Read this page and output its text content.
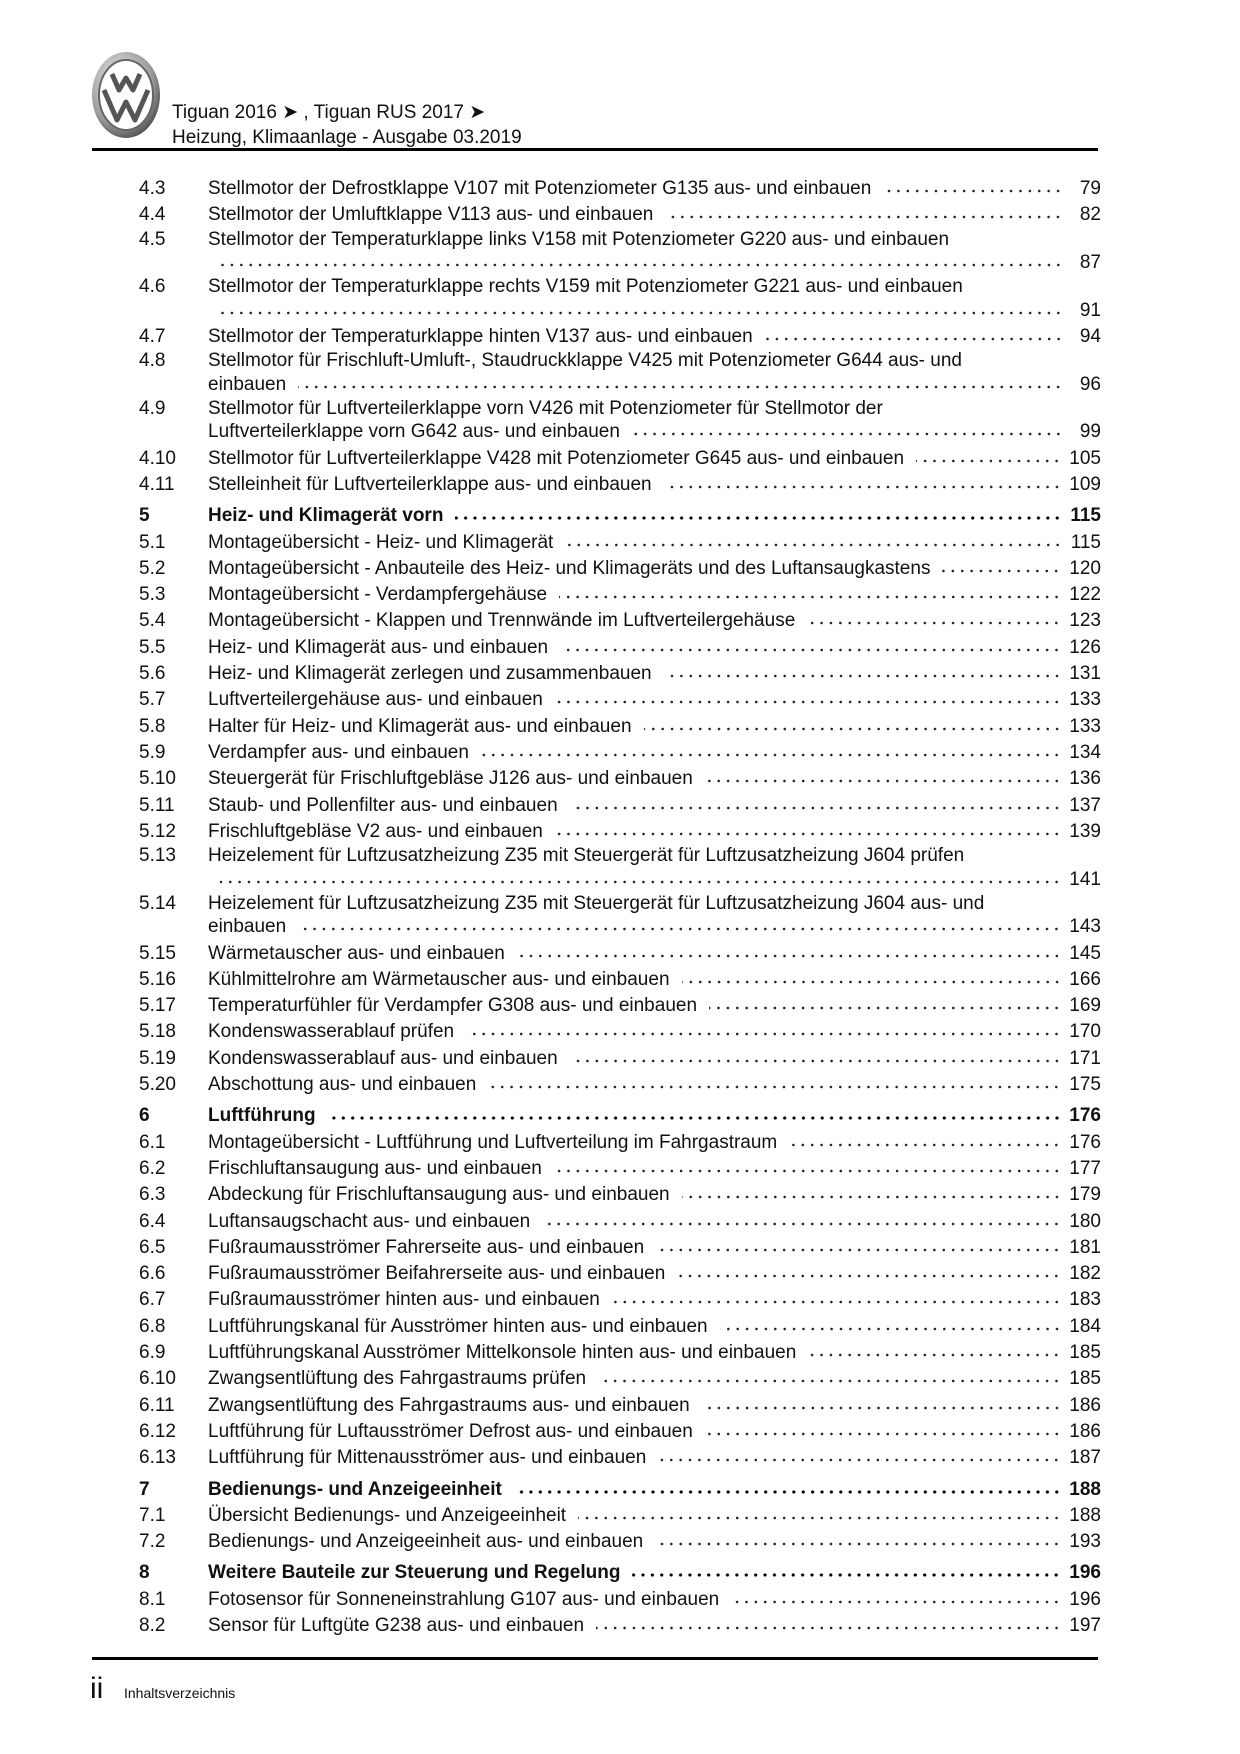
Tiguan 2016 ➤ , Tiguan RUS 2017 ➤
Heizung, Klimaanlage - Ausgabe 03.2019
4.3	Stellmotor der Defrostklappe V107 mit Potenziometer G135 aus- und einbauen	79
4.4	Stellmotor der Umluftklappe V113 aus- und einbauen	82
4.5	Stellmotor der Temperaturklappe links V158 mit Potenziometer G220 aus- und einbauen
87
4.6	Stellmotor der Temperaturklappe rechts V159 mit Potenziometer G221 aus- und einbauen
91
4.7	Stellmotor der Temperaturklappe hinten V137 aus- und einbauen	94
4.8	Stellmotor für Frischluft-Umluft-, Staudruckklappe V425 mit Potenziometer G644 aus- und
einbauen	96
4.9	Stellmotor für Luftverteilerklappe vorn V426 mit Potenziometer für Stellmotor der
Luftverteilerklappe vorn G642 aus- und einbauen	99
4.10	Stellmotor für Luftverteilerklappe V428 mit Potenziometer G645 aus- und einbauen	105
4.11	Stelleinheit für Luftverteilerklappe aus- und einbauen	109
5	Heiz- und Klimagerät vorn	115
5.1	Montageübersicht - Heiz- und Klimagerät	115
5.2	Montageübersicht - Anbauteile des Heiz- und Klimageräts und des Luftansaugkastens	120
5.3	Montageübersicht - Verdampfergehäuse	122
5.4	Montageübersicht - Klappen und Trennwände im Luftverteilergehäuse	123
5.5	Heiz- und Klimagerät aus- und einbauen	126
5.6	Heiz- und Klimagerät zerlegen und zusammenbauen	131
5.7	Luftverteilergehäuse aus- und einbauen	133
5.8	Halter für Heiz- und Klimagerät aus- und einbauen	133
5.9	Verdampfer aus- und einbauen	134
5.10	Steuergerät für Frischluftgebläse J126 aus- und einbauen	136
5.11	Staub- und Pollenfilter aus- und einbauen	137
5.12	Frischluftgebläse V2 aus- und einbauen	139
5.13	Heizelement für Luftzusatzheizung Z35 mit Steuergerät für Luftzusatzheizung J604 prüfen
141
5.14	Heizelement für Luftzusatzheizung Z35 mit Steuergerät für Luftzusatzheizung J604 aus- und
einbauen	143
5.15	Wärmetauscher aus- und einbauen	145
5.16	Kühlmittelrohre am Wärmetauscher aus- und einbauen	166
5.17	Temperaturfühler für Verdampfer G308 aus- und einbauen	169
5.18	Kondenswasserablauf prüfen	170
5.19	Kondenswasserablauf aus- und einbauen	171
5.20	Abschottung aus- und einbauen	175
6	Luftführung	176
6.1	Montageübersicht - Luftführung und Luftverteilung im Fahrgastraum	176
6.2	Frischluftansaugung aus- und einbauen	177
6.3	Abdeckung für Frischluftansaugung aus- und einbauen	179
6.4	Luftansaugschacht aus- und einbauen	180
6.5	Fußraumausströmer Fahrerseite aus- und einbauen	181
6.6	Fußraumausströmer Beifahrerseite aus- und einbauen	182
6.7	Fußraumausströmer hinten aus- und einbauen	183
6.8	Luftführungskanal für Ausströmer hinten aus- und einbauen	184
6.9	Luftführungskanal Ausströmer Mittelkonsole hinten aus- und einbauen	185
6.10	Zwangsentlüftung des Fahrgastraums prüfen	185
6.11	Zwangsentlüftung des Fahrgastraums aus- und einbauen	186
6.12	Luftführung für Luftausströmer Defrost aus- und einbauen	186
6.13	Luftführung für Mittenausströmer aus- und einbauen	187
7	Bedienungs- und Anzeigeeinheit	188
7.1	Übersicht Bedienungs- und Anzeigeeinheit	188
7.2	Bedienungs- und Anzeigeeinheit aus- und einbauen	193
8	Weitere Bauteile zur Steuerung und Regelung	196
8.1	Fotosensor für Sonneneinstrahlung G107 aus- und einbauen	196
8.2	Sensor für Luftgüte G238 aus- und einbauen	197
ii Inhaltsverzeichnis
